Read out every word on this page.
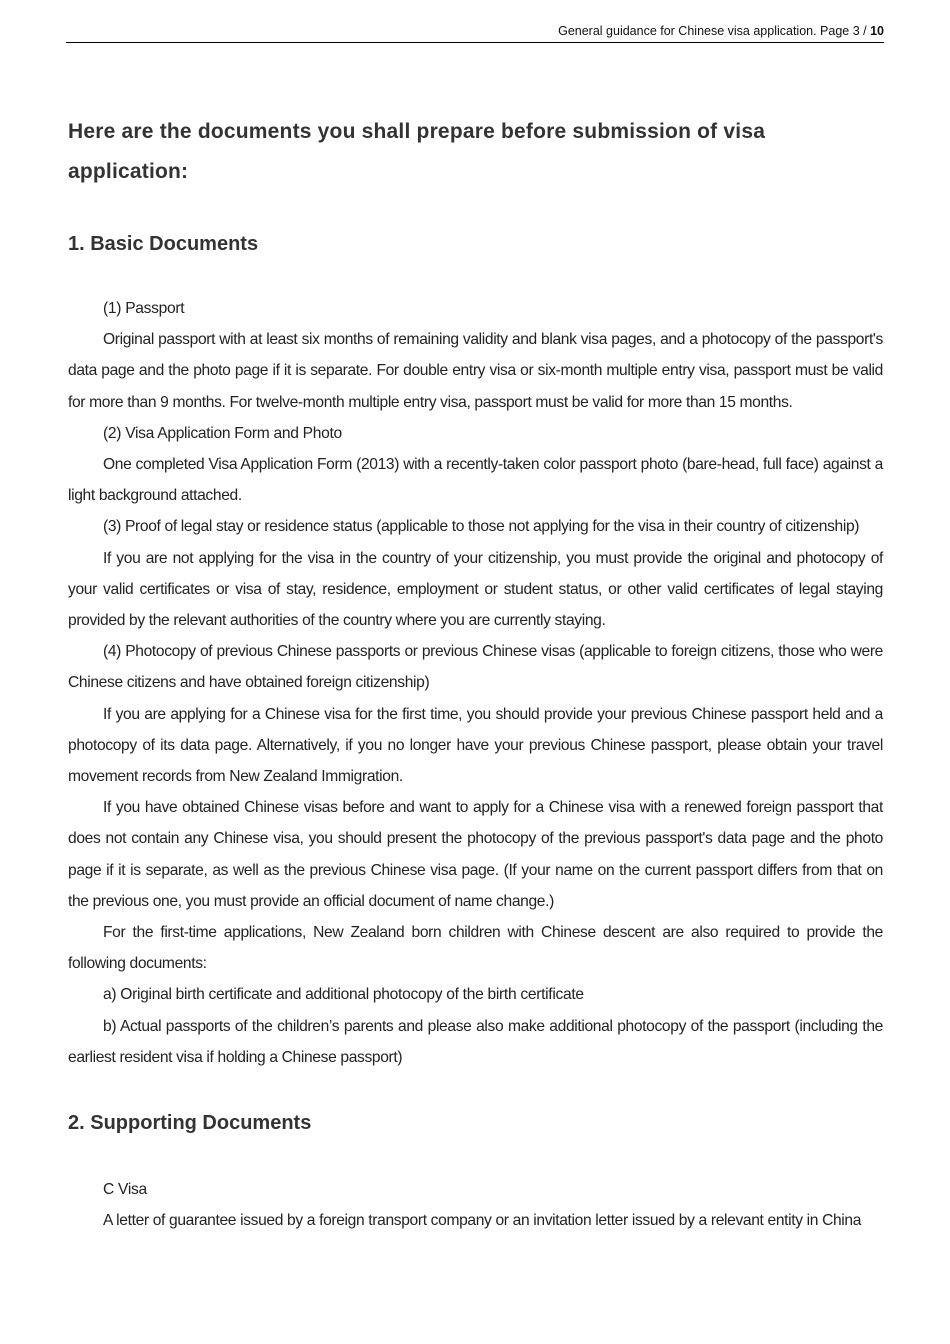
General guidance for Chinese visa application. Page 3 / 10
Here are the documents you shall prepare before submission of visa application:
1. Basic Documents

(1) Passport

Original passport with at least six months of remaining validity and blank visa pages, and a photocopy of the passport's data page and the photo page if it is separate. For double entry visa or six-month multiple entry visa, passport must be valid for more than 9 months. For twelve-month multiple entry visa, passport must be valid for more than 15 months.

(2) Visa Application Form and Photo

One completed Visa Application Form (2013) with a recently-taken color passport photo (bare-head, full face) against a light background attached.

(3) Proof of legal stay or residence status (applicable to those not applying for the visa in their country of citizenship)

If you are not applying for the visa in the country of your citizenship, you must provide the original and photocopy of your valid certificates or visa of stay, residence, employment or student status, or other valid certificates of legal staying provided by the relevant authorities of the country where you are currently staying.

(4) Photocopy of previous Chinese passports or previous Chinese visas (applicable to foreign citizens, those who were Chinese citizens and have obtained foreign citizenship)

If you are applying for a Chinese visa for the first time, you should provide your previous Chinese passport held and a photocopy of its data page. Alternatively, if you no longer have your previous Chinese passport, please obtain your travel movement records from New Zealand Immigration.

If you have obtained Chinese visas before and want to apply for a Chinese visa with a renewed foreign passport that does not contain any Chinese visa, you should present the photocopy of the previous passport's data page and the photo page if it is separate, as well as the previous Chinese visa page. (If your name on the current passport differs from that on the previous one, you must provide an official document of name change.)

For the first-time applications, New Zealand born children with Chinese descent are also required to provide the following documents:

a) Original birth certificate and additional photocopy of the birth certificate

b) Actual passports of the children’s parents and please also make additional photocopy of the passport (including the earliest resident visa if holding a Chinese passport)

2. Supporting Documents

C Visa

A letter of guarantee issued by a foreign transport company or an invitation letter issued by a relevant entity in China
